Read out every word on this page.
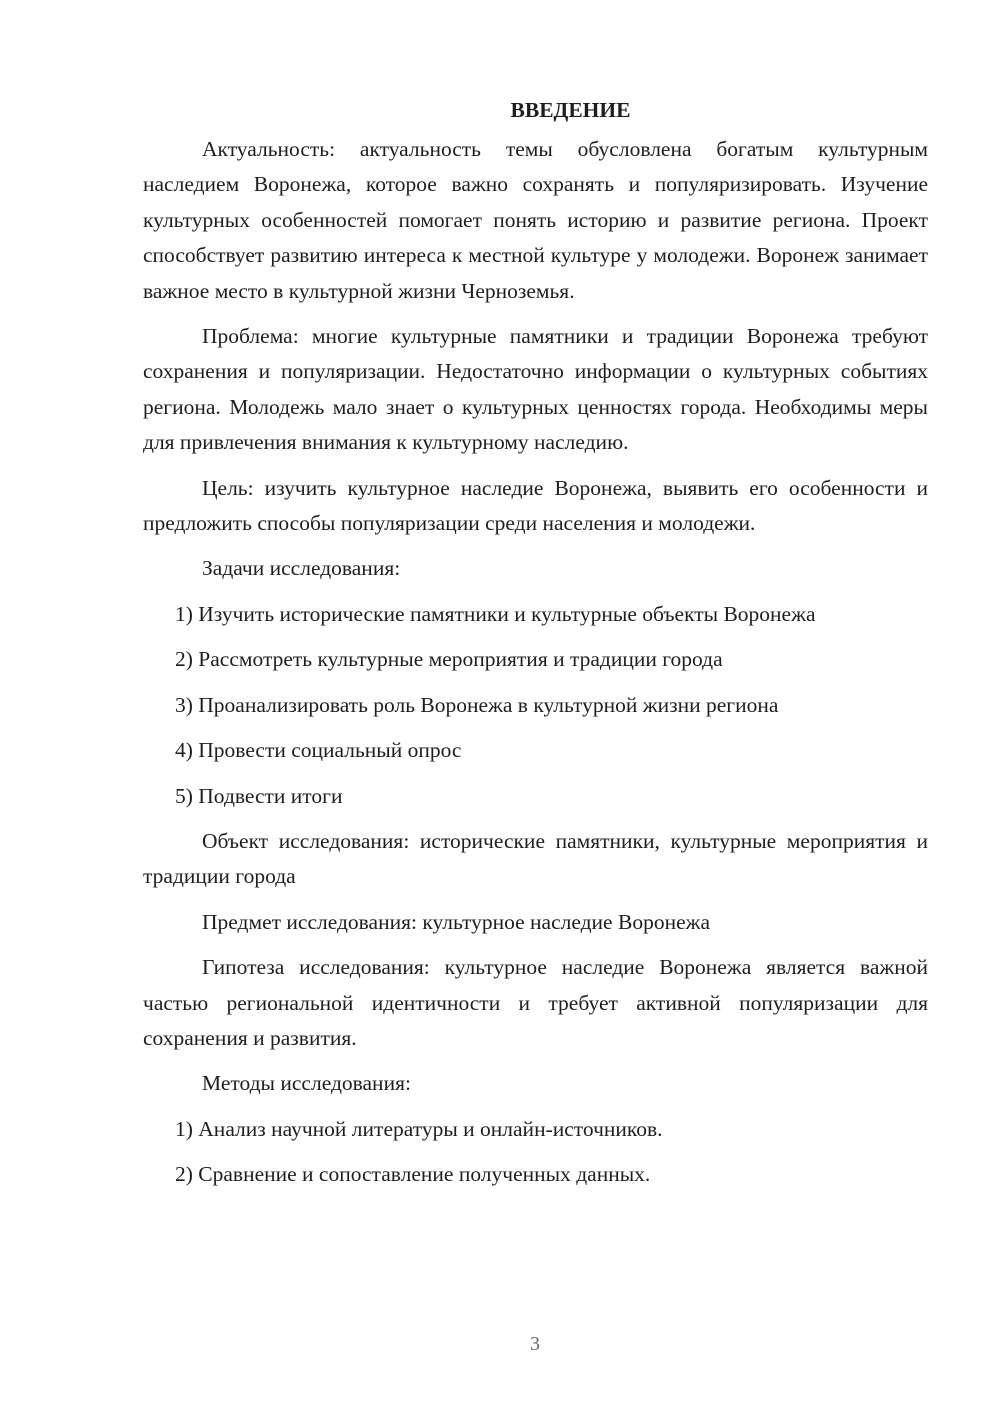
ВВЕДЕНИЕ

Актуальность: актуальность темы обусловлена богатым культурным наследием Воронежа, которое важно сохранять и популяризировать. Изучение культурных особенностей помогает понять историю и развитие региона. Проект способствует развитию интереса к местной культуре у молодежи. Воронеж занимает важное место в культурной жизни Черноземья.

Проблема: многие культурные памятники и традиции Воронежа требуют сохранения и популяризации. Недостаточно информации о культурных событиях региона. Молодежь мало знает о культурных ценностях города. Необходимы меры для привлечения внимания к культурному наследию.

Цель: изучить культурное наследие Воронежа, выявить его особенности и предложить способы популяризации среди населения и молодежи.

Задачи исследования:

1) Изучить исторические памятники и культурные объекты Воронежа

2) Рассмотреть культурные мероприятия и традиции города

3) Проанализировать роль Воронежа в культурной жизни региона

4) Провести социальный опрос

5) Подвести итоги

Объект исследования: исторические памятники, культурные мероприятия и традиции города

Предмет исследования: культурное наследие Воронежа

Гипотеза исследования: культурное наследие Воронежа является важной частью региональной идентичности и требует активной популяризации для сохранения и развития.

Методы исследования:

1) Анализ научной литературы и онлайн-источников.

2) Сравнение и сопоставление полученных данных.

3
